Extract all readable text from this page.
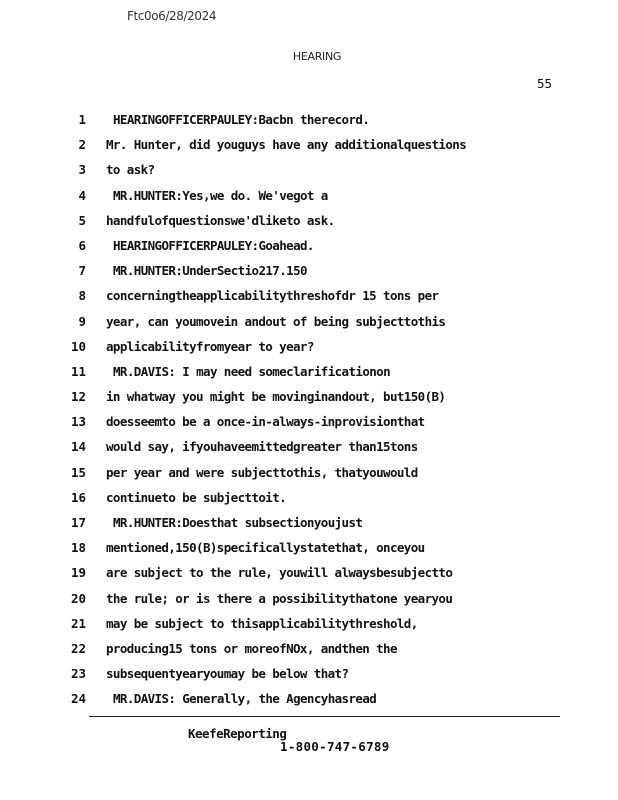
Ftc0o6/28/2024
HEARING
55
1 HEARINGOFFICERPAULEY:Bacbn therecord.
2 Mr. Hunter, did youguys have any additionalquestions
3 to ask?
4 MR.HUNTER:Yes,we do. We'vegot a
5 handfulofquestionswe'dliketo ask.
6 HEARINGOFFICERPAULEY:Goahead.
7 MR.HUNTER:UnderSectio217.150
8 concerningtheapplicabilitythreshofdr 15 tons per
9 year, can youmovein andout of being subjecttothis
10 applicabilityfromyear to year?
11 MR.DAVIS: I may need someclarificationon
12 in whatway you might be movinginandout, but150(B)
13 doesseemto be a once-in-always-inprovisionthat
14 would say, ifyouhaveemittedgreater than15tons
15 per year and were subjecttothis, thatyouwould
16 continueto be subjecttoit.
17 MR.HUNTER:Doesthat subsectionyoujust
18 mentioned,150(B)specificallystatethat, onceyou
19 are subject to the rule, youwill alwaysbesubjectto
20 the rule; or is there a possibilitythatone yearyou
21 may be subject to thisapplicabilitythreshold,
22 producing15 tons or moreofNOx, andthen the
23 subsequentyearyoumay be below that?
24 MR.DAVIS: Generally, the Agencyhasread
KeefeReporting
1-800-747-6789
